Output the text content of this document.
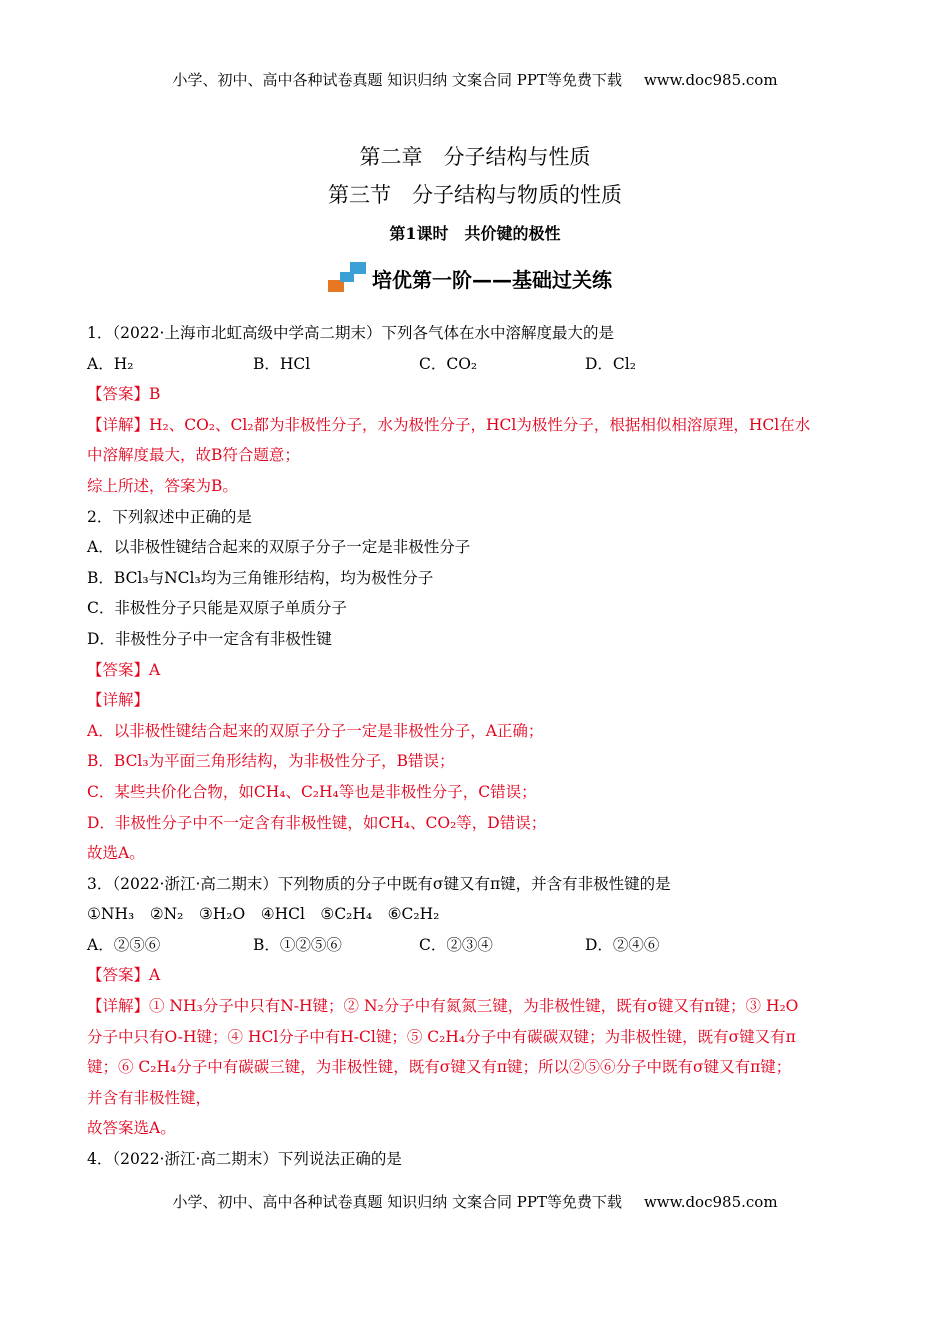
小学、初中、高中各种试卷真题 知识归纳 文案合同 PPT等免费下载 www.doc985.com
第二章　分子结构与性质
第三节　分子结构与物质的性质
第1课时　共价键的极性
培优第一阶——基础过关练
1．（2022·上海市北虹高级中学高二期末）下列各气体在水中溶解度最大的是
A．H₂	B．HCl	C．CO₂	D．Cl₂
【答案】B
【详解】H₂、CO₂、Cl₂都为非极性分子，水为极性分子，HCl为极性分子，根据相似相溶原理，HCl在水
中溶解度最大，故B符合题意；
综上所述，答案为B。
2．下列叙述中正确的是
A．以非极性键结合起来的双原子分子一定是非极性分子
B．BCl₃与NCl₃均为三角锥形结构，均为极性分子
C．非极性分子只能是双原子单质分子
D．非极性分子中一定含有非极性键
【答案】A
【详解】
A．以非极性键结合起来的双原子分子一定是非极性分子，A正确；
B．BCl₃为平面三角形结构，为非极性分子，B错误；
C．某些共价化合物，如CH₄、C₂H₄等也是非极性分子，C错误；
D．非极性分子中不一定含有非极性键，如CH₄、CO₂等，D错误；
故选A。
3．（2022·浙江·高二期末）下列物质的分子中既有σ键又有π键，并含有非极性键的是
①NH₃　②N₂　③H₂O　④HCl　⑤C₂H₄　⑥C₂H₂
A．②⑤⑥	B．①②⑤⑥	C．②③④	D．②④⑥
【答案】A
【详解】① NH₃分子中只有N-H键；② N₂分子中有氮氮三键，为非极性键，既有σ键又有π键；③ H₂O
分子中只有O-H键；④ HCl分子中有H-Cl键；⑤ C₂H₄分子中有碳碳双键；为非极性键，既有σ键又有π
键；⑥ C₂H₄分子中有碳碳三键，为非极性键，既有σ键又有π键；所以②⑤⑥分子中既有σ键又有π键；
并含有非极性键，
故答案选A。
4．（2022·浙江·高二期末）下列说法正确的是
小学、初中、高中各种试卷真题 知识归纳 文案合同 PPT等免费下载 www.doc985.com
